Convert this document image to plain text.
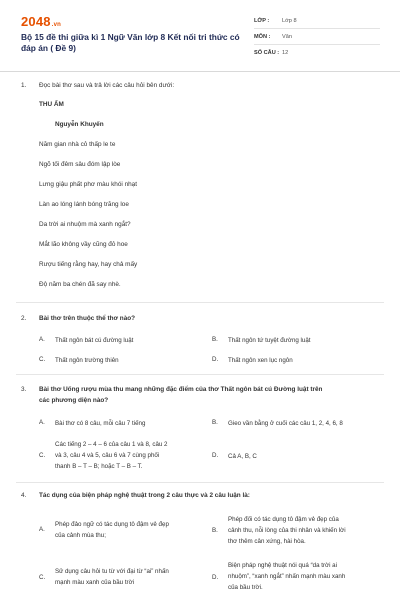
2048.vn
Bộ 15 đề thi giữa kì 1 Ngữ Văn lớp 8 Kết nối tri thức có đáp án ( Đề 9)
LỚP :	Lớp 8
MÔN :	Văn
SỐ CÂU : 12
1. Đọc bài thơ sau và trả lời các câu hỏi bên dưới:
THU ẨM
Nguyễn Khuyến
Năm gian nhà cỏ thấp le te
Ngõ tối đêm sâu đóm lập lòe
Lưng giậu phất phơ màu khói nhạt
Làn ao lóng lánh bóng trăng loe
Da trời ai nhuộm mà xanh ngắt?
Mắt lão không vầy cũng đỏ hoe
Rượu tiếng rằng hay, hay chả mấy
Độ năm ba chén đã say nhè.
2. Bài thơ trên thuộc thể thơ nào?
A. Thất ngôn bát cú đường luật	B. Thất ngôn tứ tuyệt đường luật
C. Thất ngôn trường thiên	D. Thất ngôn xen lục ngôn
3. Bài thơ Uống rượu mùa thu mang những đặc điểm của thơ Thất ngôn bát cú Đường luật trên
các phương diện nào?
A. Bài thơ có 8 câu, mỗi câu 7 tiếng	B. Gieo vần bằng ở cuối các câu 1, 2, 4, 6, 8
C.
Các tiếng 2 – 4 – 6 của câu 1 và 8, câu 2
và 3, câu 4 và 5, câu 6 và 7 cùng phối
thanh B – T – B; hoặc T – B – T.
D. Cả A, B, C
4. Tác dụng của biện pháp nghệ thuật trong 2 câu thực và 2 câu luận là:
A.
Phép đảo ngữ có tác dụng tô đậm vẻ đẹp
của cảnh mùa thu;
B.
Phép đối có tác dụng tô đậm vẻ đẹp của
cảnh thu, nỗi lòng của thi nhân và khiến lời
thơ thêm cân xứng, hài hòa.
C.
Sử dụng câu hỏi tu từ với đại từ “ai” nhấn
mạnh màu xanh của bầu trời
D.
Biện pháp nghệ thuật nói quá “da trời ai
nhuộm”, “xanh ngắt” nhấn mạnh màu xanh
của bầu trời.
